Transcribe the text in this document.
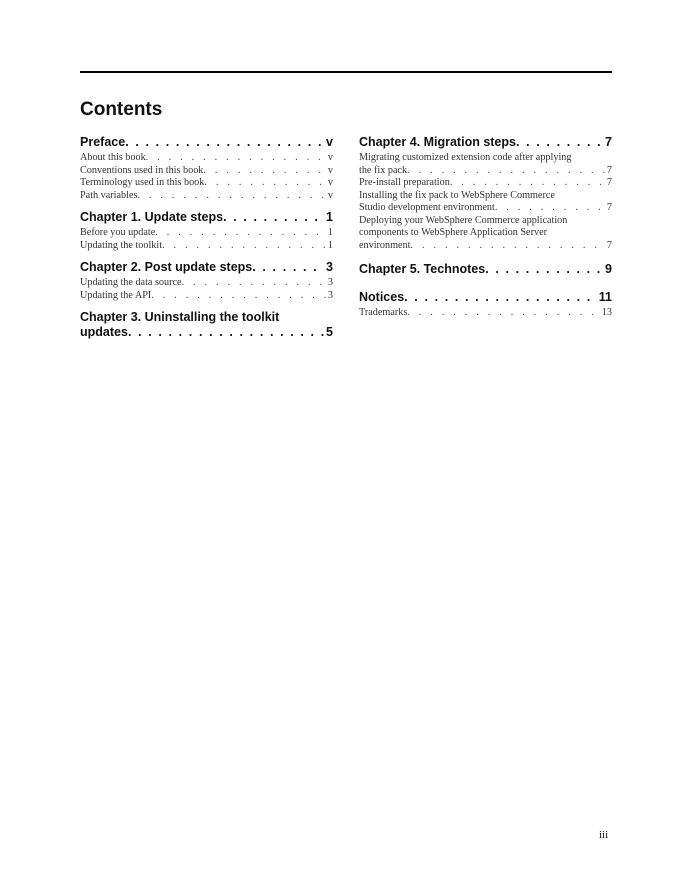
Contents
Preface . . .	v
About this book . . .	v
Conventions used in this book . . .	v
Terminology used in this book . . .	v
Path variables . . .	v
Chapter 1. Update steps . . .	1
Before you update . . .	1
Updating the toolkit . . .	1
Chapter 2. Post update steps . . .	3
Updating the data source . . .	3
Updating the API . . .	3
Chapter 3. Uninstalling the toolkit
updates . . .	5
Chapter 4. Migration steps . . .	7
Migrating customized extension code after applying
the fix pack . . .	7
Pre-install preparation . . .	7
Installing the fix pack to WebSphere Commerce
Studio development environment . . .	7
Deploying your WebSphere Commerce application
components to WebSphere Application Server
environment . . .	7
Chapter 5. Technotes . . .	9
Notices . . .	11
Trademarks . . .	13
iii
